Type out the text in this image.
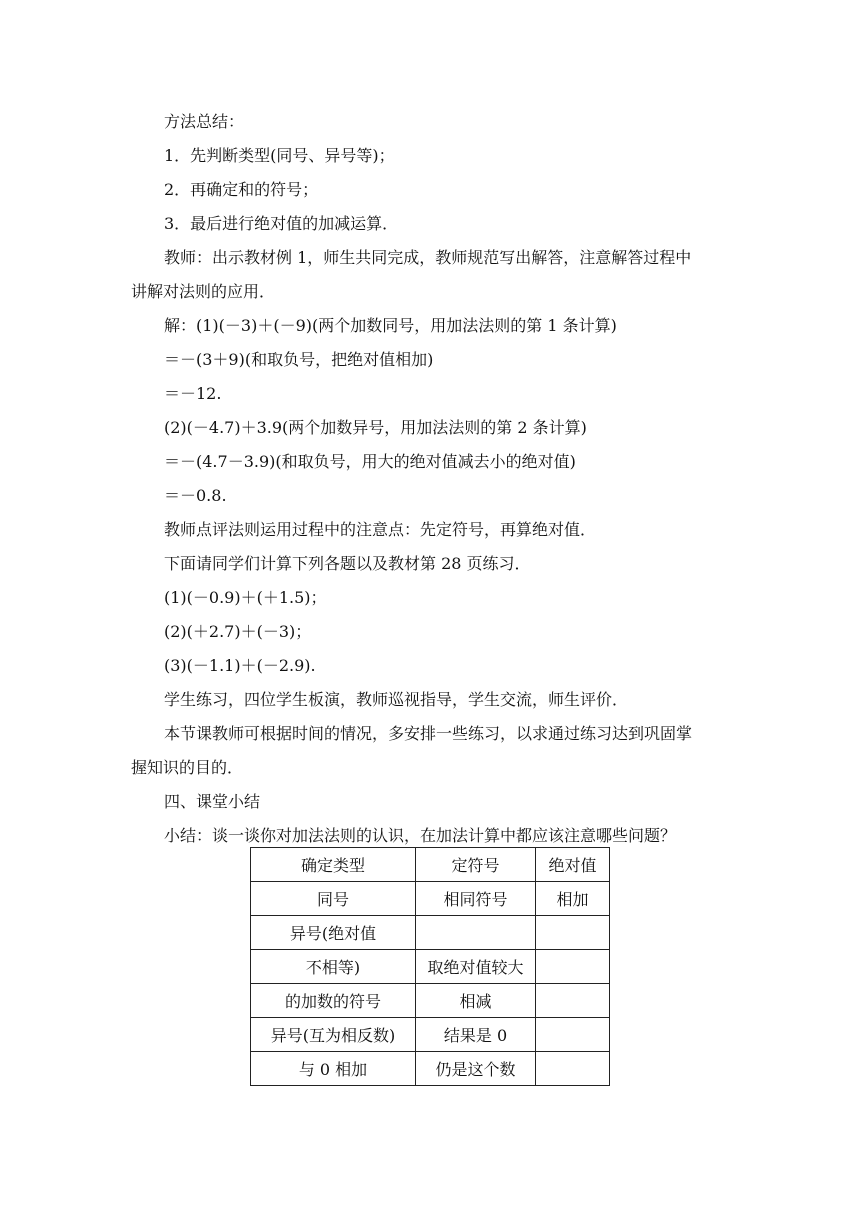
方法总结：
1．先判断类型(同号、异号等)；
2．再确定和的符号；
3．最后进行绝对值的加减运算．
教师：出示教材例 1，师生共同完成，教师规范写出解答，注意解答过程中
讲解对法则的应用．
解：(1)(－3)＋(－9)(两个加数同号，用加法法则的第 1 条计算)
＝－(3＋9)(和取负号，把绝对值相加)
＝－12.
(2)(－4.7)＋3.9(两个加数异号，用加法法则的第 2 条计算)
＝－(4.7－3.9)(和取负号，用大的绝对值减去小的绝对值)
＝－0.8.
教师点评法则运用过程中的注意点：先定符号，再算绝对值．
下面请同学们计算下列各题以及教材第 28 页练习．
(1)(－0.9)＋(＋1.5)；
(2)(＋2.7)＋(－3)；
(3)(－1.1)＋(－2.9).
学生练习，四位学生板演，教师巡视指导，学生交流，师生评价．
本节课教师可根据时间的情况，多安排一些练习，以求通过练习达到巩固掌
握知识的目的．
四、课堂小结
小结：谈一谈你对加法法则的认识，在加法计算中都应该注意哪些问题？
确定类型	定符号	绝对值
同号	相同符号	相加
异号(绝对值		
不相等)	取绝对值较大	
的加数的符号	相减	
异号(互为相反数)	结果是 0	
与 0 相加	仍是这个数	
